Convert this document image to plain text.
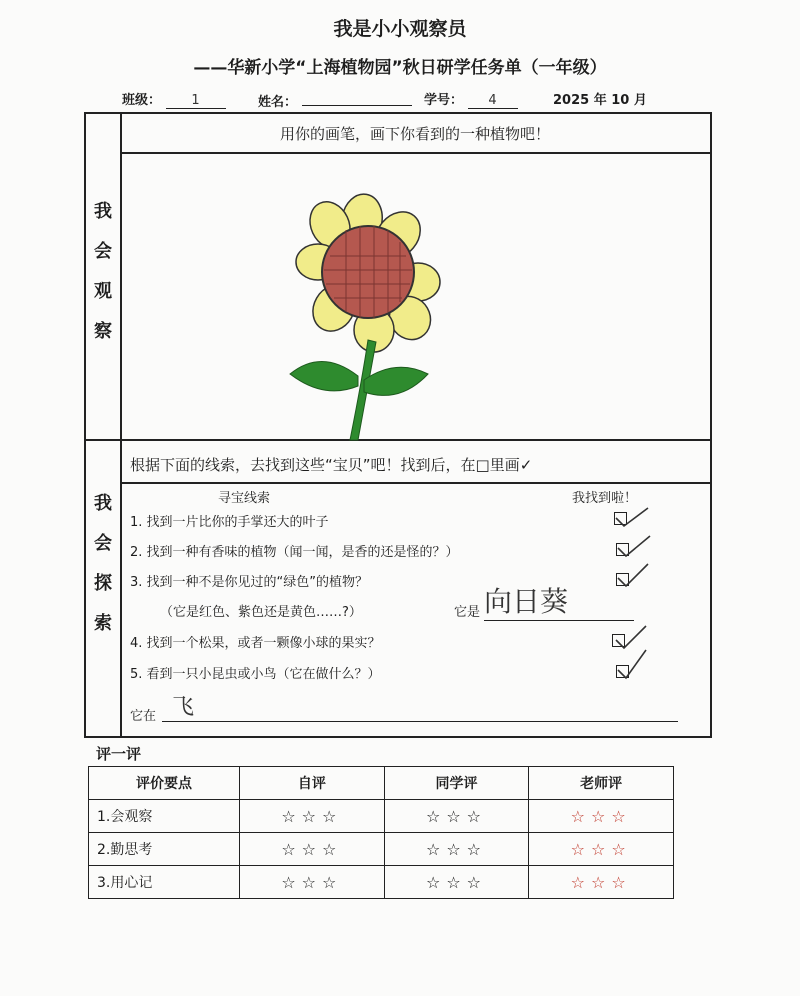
我是小小观察员
——华新小学“上海植物园”秋日研学任务单（一年级）
班级： 1	姓名：	学号： 4	2025 年 10 月
我
会
观
察
用你的画笔，画下你看到的一种植物吧！
我
会
探
索
根据下面的线索，去找到这些“宝贝”吧！找到后，在□里画✓
寻宝线索	我找到啦！
1. 找到一片比你的手掌还大的叶子
2. 找到一种有香味的植物（闻一闻，是香的还是怪的？）
3. 找到一种不是你见过的“绿色”的植物？
（它是红色、紫色还是黄色……?）
4. 找到一个松果，或者一颗像小球的果实？
5. 看到一只小昆虫或小鸟（它在做什么？）
它是 向日葵
它在 飞
评一评
评价要点	自评	同学评	老师评
1.会观察	☆☆☆	☆☆☆	☆☆☆
2.勤思考	☆☆☆	☆☆☆	☆☆☆
3.用心记	☆☆☆	☆☆☆	☆☆☆
